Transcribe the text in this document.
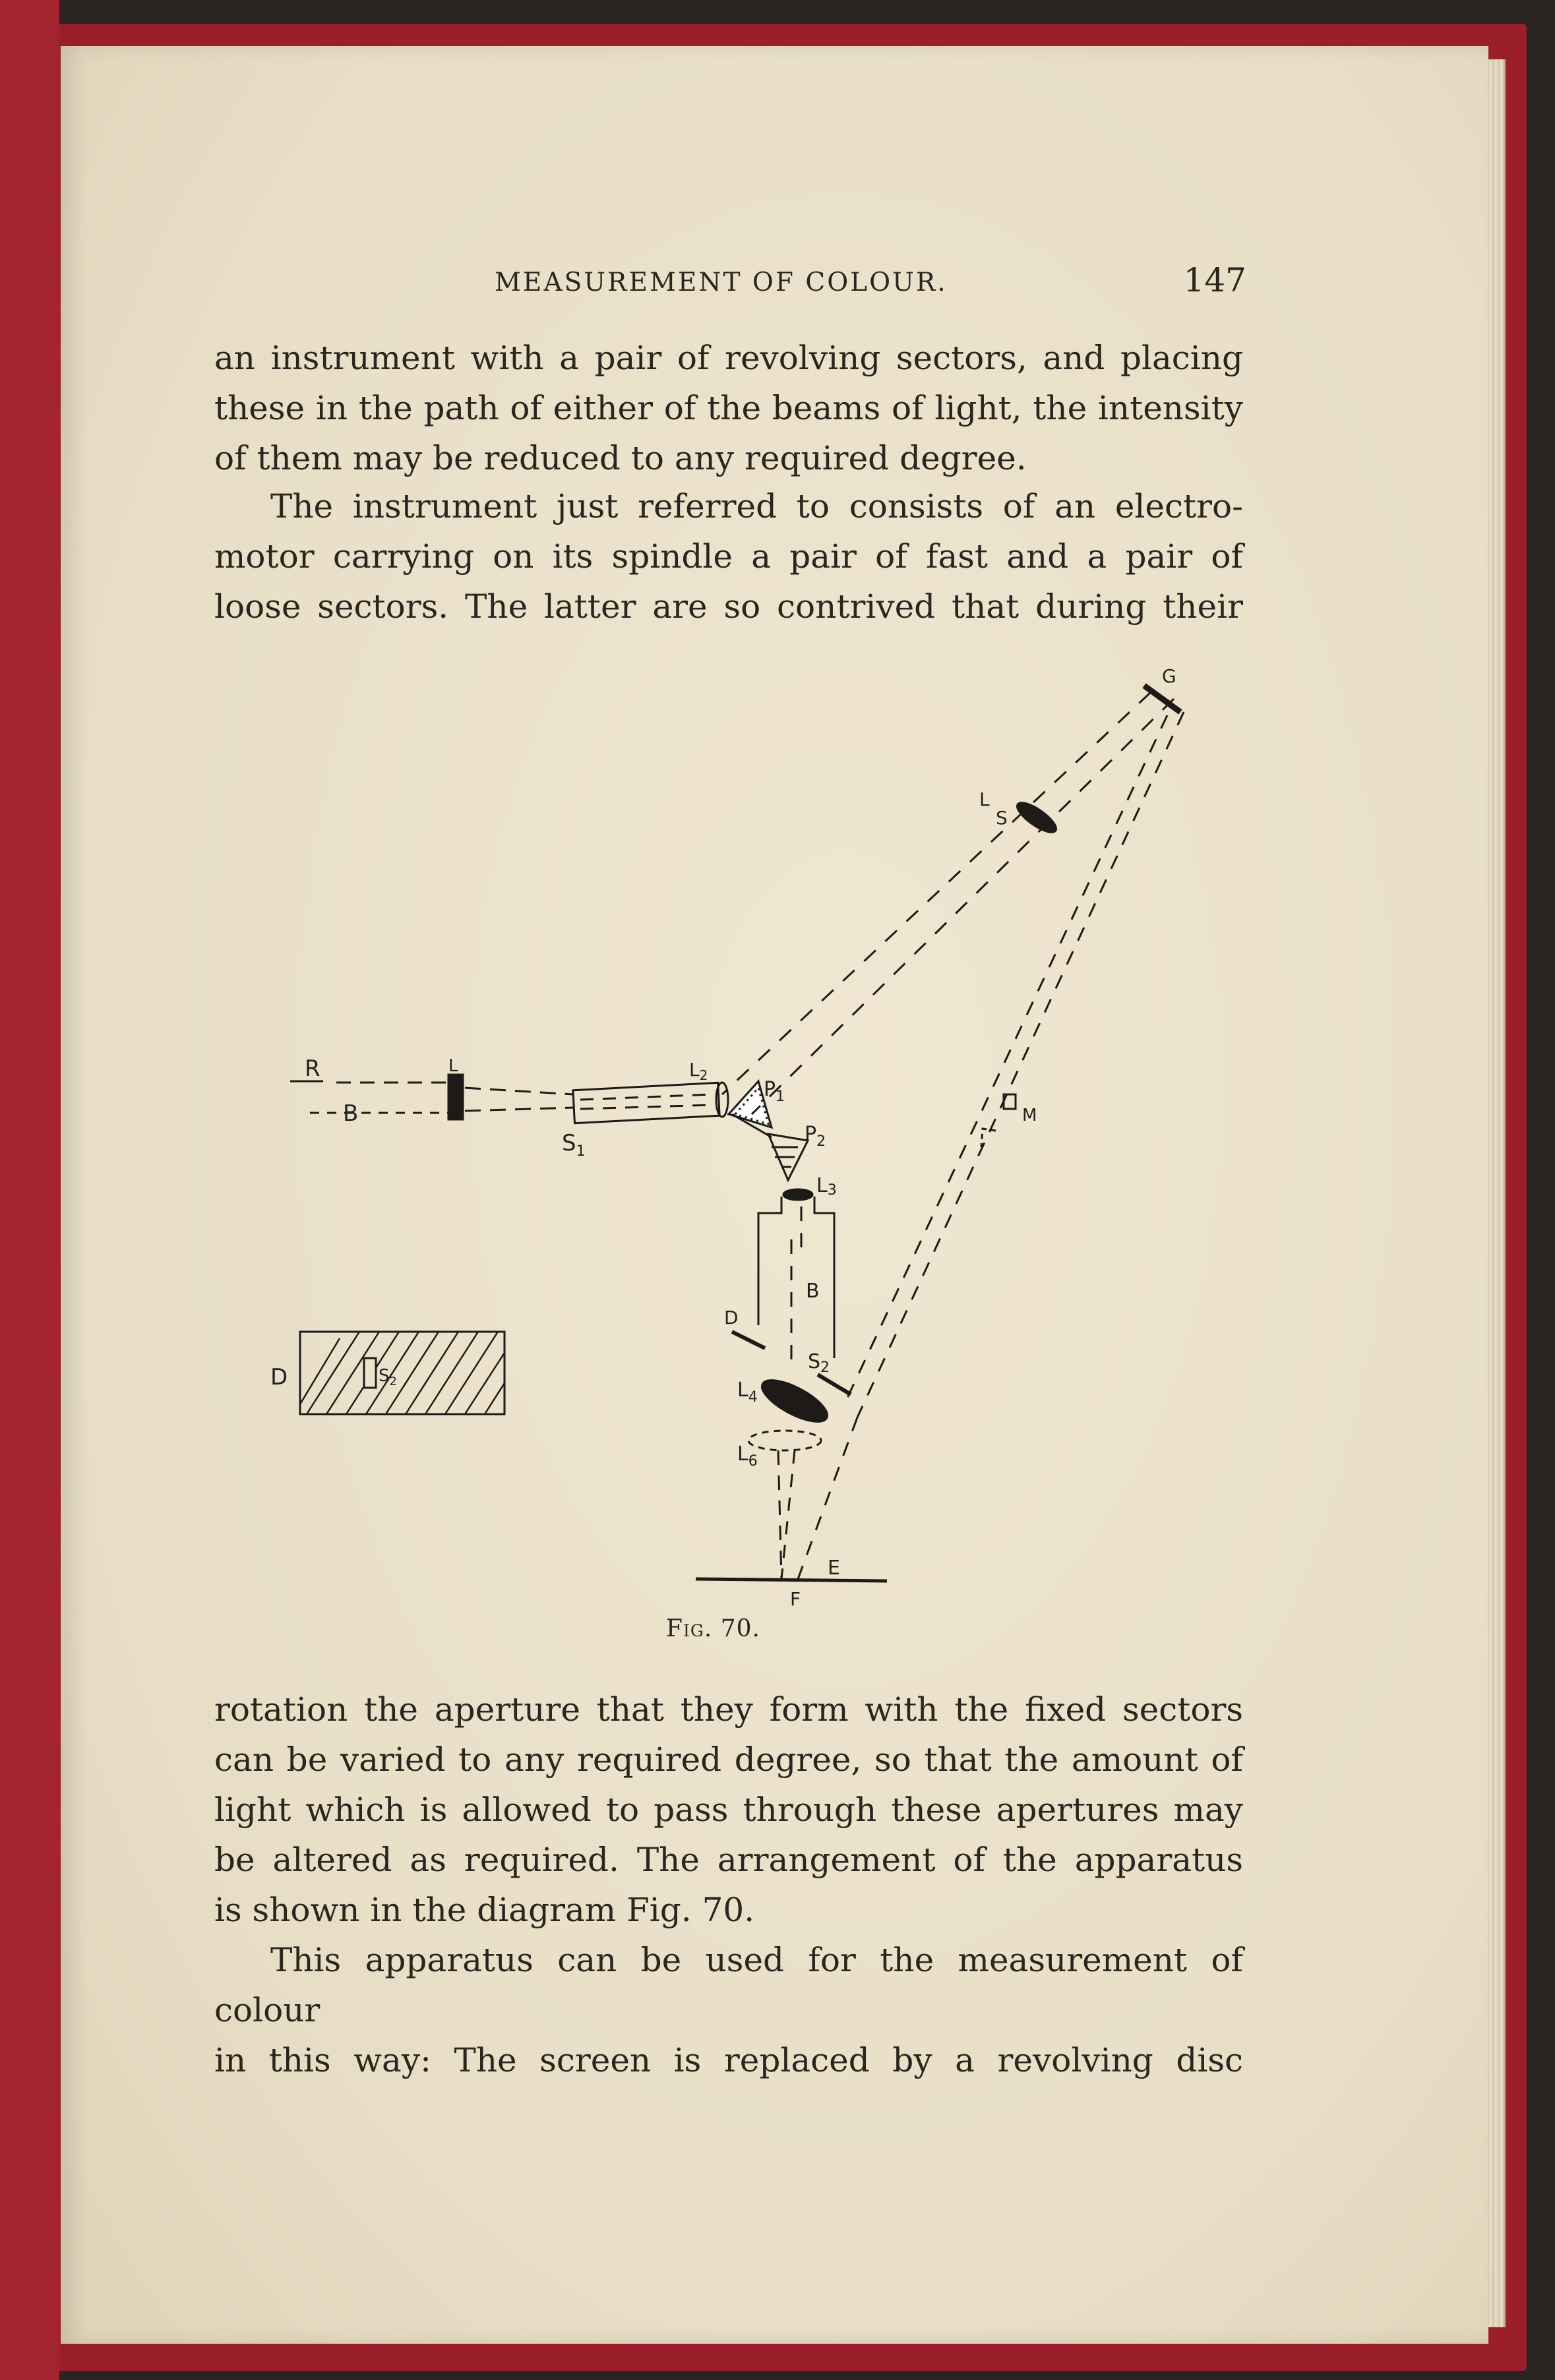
MEASUREMENT OF COLOUR.	147

an instrument with a pair of revolving sectors, and placing

these in the path of either of the beams of light, the intensity

of them may be reduced to any required degree.

The instrument just referred to consists of an electro-

motor carrying on its spindle a pair of fast and a pair of

loose sectors. The latter are so contrived that during their

R
B
L
$S_1$
$L_2$
$P_1$
$P_2$
L3
B
D
$S_2$
$L_4$
$L_6$
E
F
G
L
S
M
D	$S_2$
Fig. 70.

rotation the aperture that they form with the fixed sectors

can be varied to any required degree, so that the amount of

light which is allowed to pass through these apertures may

be altered as required. The arrangement of the apparatus

is shown in the diagram Fig. 70.

This apparatus can be used for the measurement of colour

in this way: The screen is replaced by a revolving disc
